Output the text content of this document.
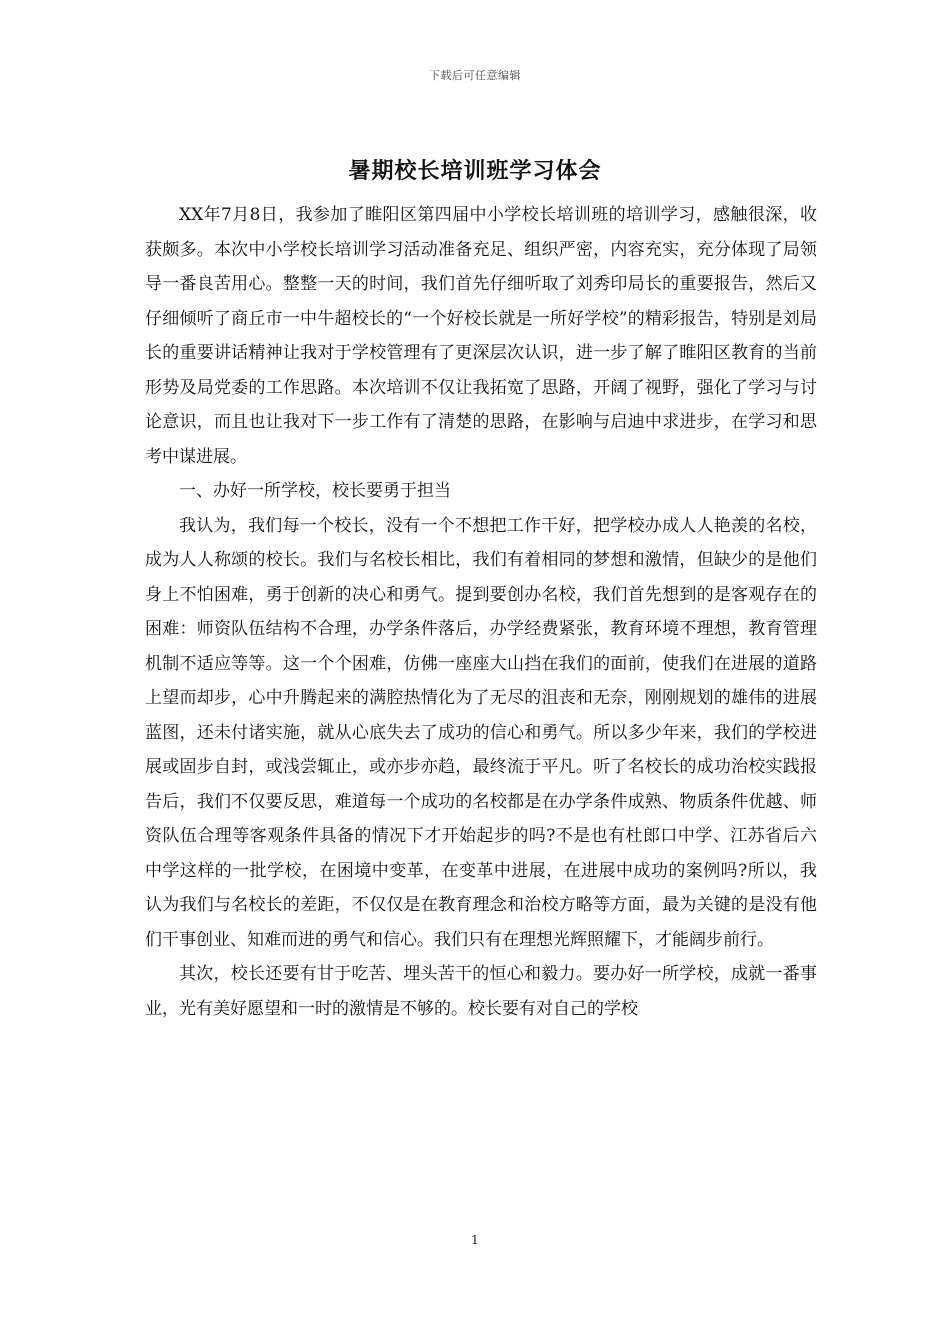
下载后可任意编辑
暑期校长培训班学习体会

XX年7月8日，我参加了睢阳区第四届中小学校长培训班的培训学习，感触很深，收获颇多。本次中小学校长培训学习活动准备充足、组织严密，内容充实，充分体现了局领导一番良苦用心。整整一天的时间，我们首先仔细听取了刘秀印局长的重要报告，然后又仔细倾听了商丘市一中牛超校长的“一个好校长就是一所好学校”的精彩报告，特别是刘局长的重要讲话精神让我对于学校管理有了更深层次认识，进一步了解了睢阳区教育的当前形势及局党委的工作思路。本次培训不仅让我拓宽了思路，开阔了视野，强化了学习与讨论意识，而且也让我对下一步工作有了清楚的思路，在影响与启迪中求进步，在学习和思考中谋进展。

一、办好一所学校，校长要勇于担当

我认为，我们每一个校长，没有一个不想把工作干好，把学校办成人人艳羡的名校，成为人人称颂的校长。我们与名校长相比，我们有着相同的梦想和激情，但缺少的是他们身上不怕困难，勇于创新的决心和勇气。提到要创办名校，我们首先想到的是客观存在的困难：师资队伍结构不合理，办学条件落后，办学经费紧张，教育环境不理想，教育管理机制不适应等等。这一个个困难，仿佛一座座大山挡在我们的面前，使我们在进展的道路上望而却步，心中升腾起来的满腔热情化为了无尽的沮丧和无奈，刚刚规划的雄伟的进展蓝图，还未付诸实施，就从心底失去了成功的信心和勇气。所以多少年来，我们的学校进展或固步自封，或浅尝辄止，或亦步亦趋，最终流于平凡。听了名校长的成功治校实践报告后，我们不仅要反思，难道每一个成功的名校都是在办学条件成熟、物质条件优越、师资队伍合理等客观条件具备的情况下才开始起步的吗?不是也有杜郎口中学、江苏省后六中学这样的一批学校，在困境中变革，在变革中进展，在进展中成功的案例吗?所以，我认为我们与名校长的差距，不仅仅是在教育理念和治校方略等方面，最为关键的是没有他们干事创业、知难而进的勇气和信心。我们只有在理想光辉照耀下，才能阔步前行。

其次，校长还要有甘于吃苦、埋头苦干的恒心和毅力。要办好一所学校，成就一番事业，光有美好愿望和一时的激情是不够的。校长要有对自己的学校

1
